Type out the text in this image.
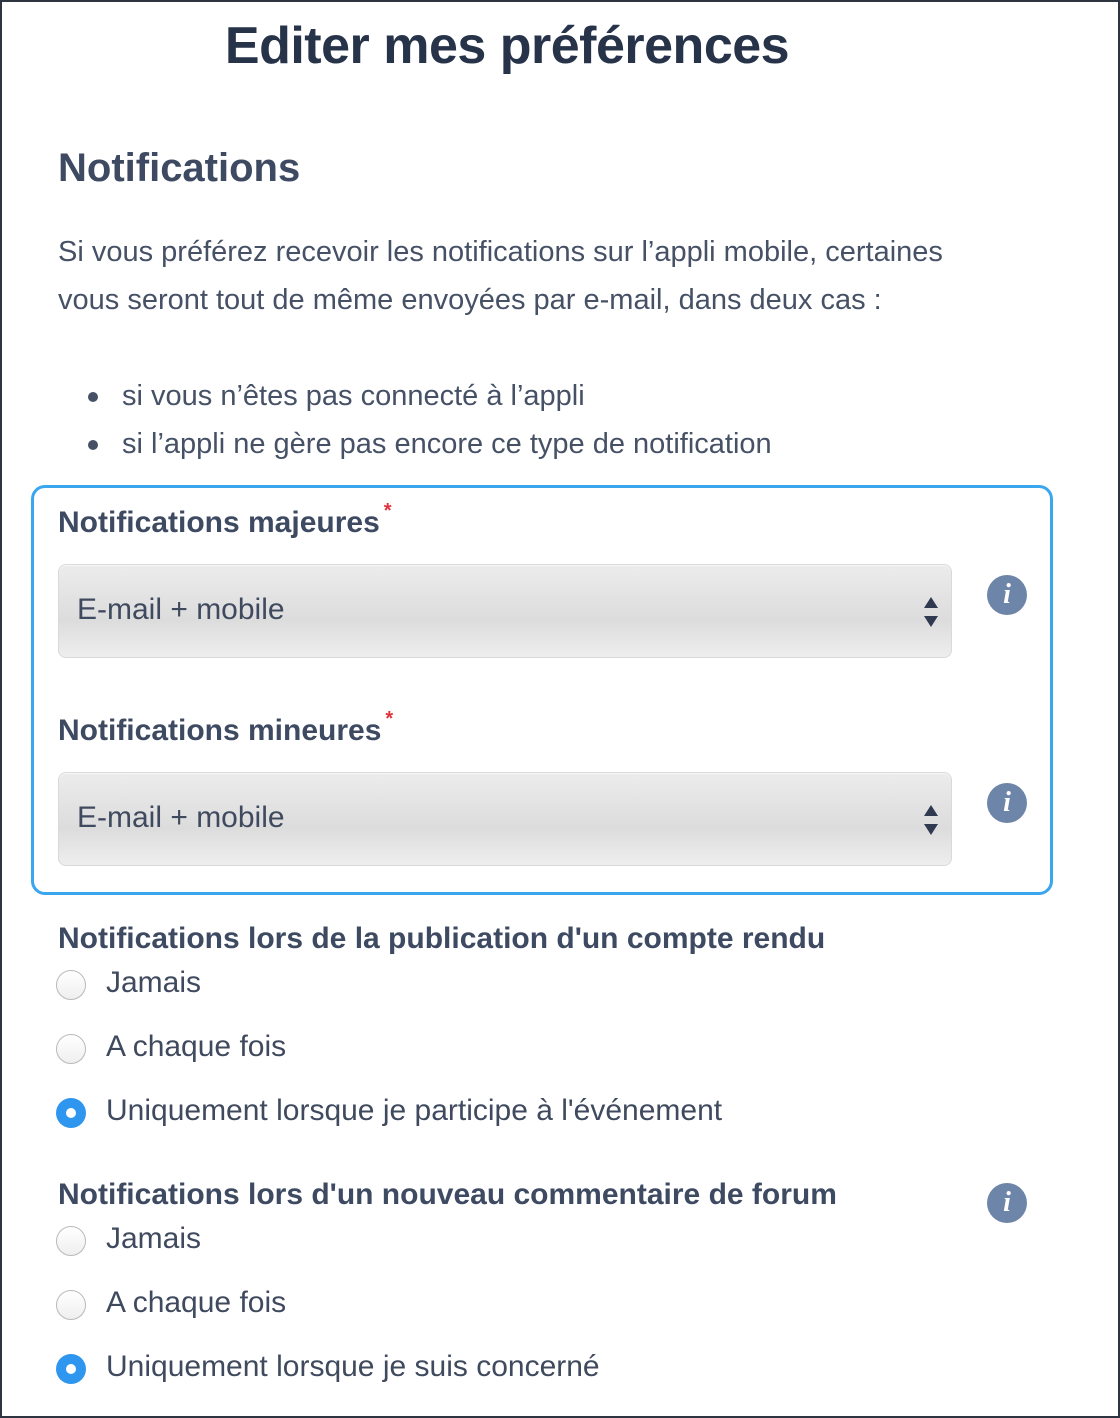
Editer mes préférences
Notifications

Si vous préférez recevoir les notifications sur l’appli mobile, certaines vous seront tout de même envoyées par e-mail, dans deux cas :

si vous n’êtes pas connecté à l’appli
si l’appli ne gère pas encore ce type de notification
Notifications majeures *
E-mail + mobile	i
Notifications mineures *
E-mail + mobile	i
Notifications lors de la publication d'un compte rendu
Jamais
A chaque fois
Uniquement lorsque je participe à l'événement
Notifications lors d'un nouveau commentaire de forum	i
Jamais
A chaque fois
Uniquement lorsque je suis concerné
